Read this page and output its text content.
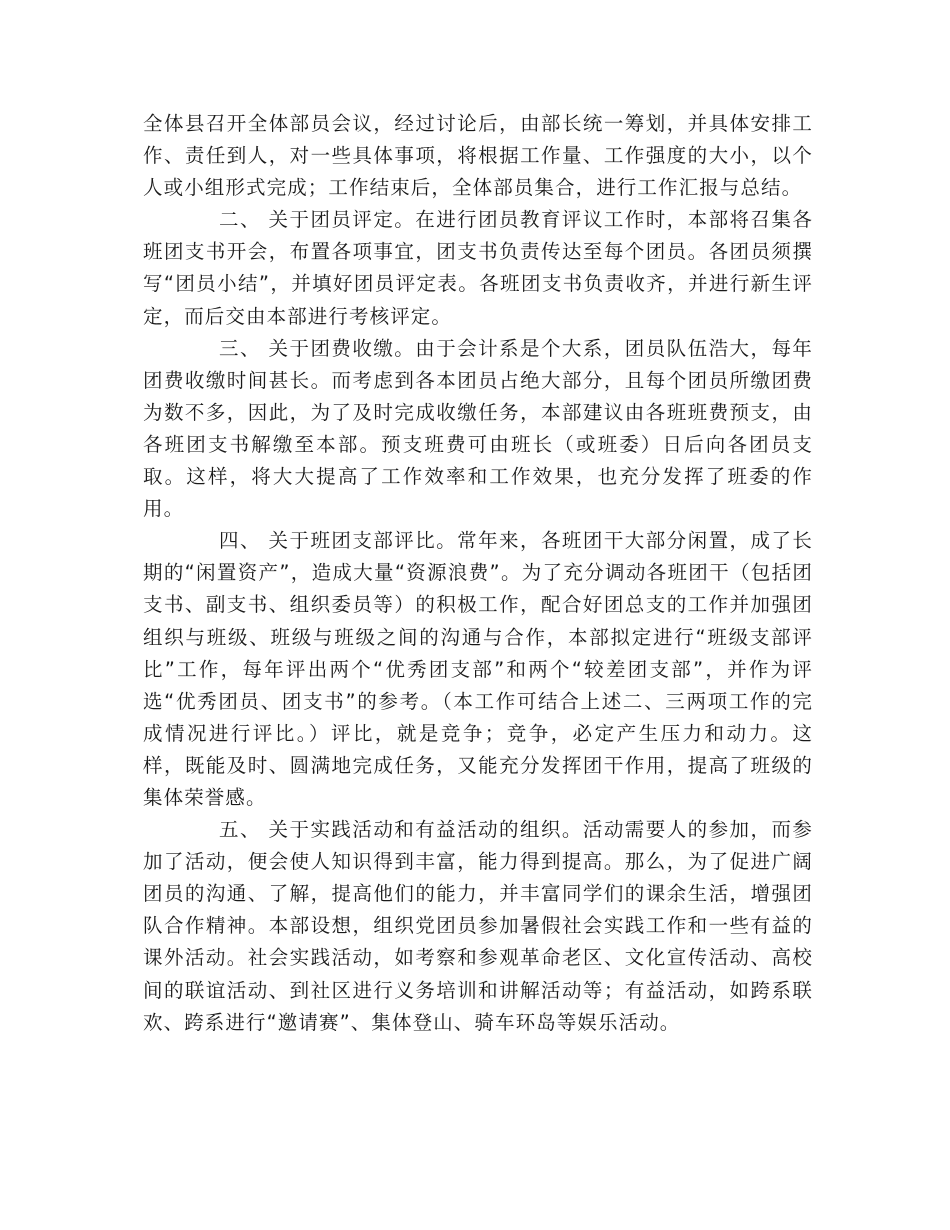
全体县召开全体部员会议，经过讨论后，由部长统一筹划，并具体安排工作、责任到人，对一些具体事项，将根据工作量、工作强度的大小，以个人或小组形式完成；工作结束后，全体部员集合，进行工作汇报与总结。

二、 关于团员评定。在进行团员教育评议工作时，本部将召集各班团支书开会，布置各项事宜，团支书负责传达至每个团员。各团员须撰写“团员小结”，并填好团员评定表。各班团支书负责收齐，并进行新生评定，而后交由本部进行考核评定。

三、 关于团费收缴。由于会计系是个大系，团员队伍浩大，每年团费收缴时间甚长。而考虑到各本团员占绝大部分，且每个团员所缴团费为数不多，因此，为了及时完成收缴任务，本部建议由各班班费预支，由各班团支书解缴至本部。预支班费可由班长（或班委）日后向各团员支取。这样，将大大提高了工作效率和工作效果，也充分发挥了班委的作用。

四、 关于班团支部评比。常年来，各班团干大部分闲置，成了长期的“闲置资产”，造成大量“资源浪费”。为了充分调动各班团干（包括团支书、副支书、组织委员等）的积极工作，配合好团总支的工作并加强团组织与班级、班级与班级之间的沟通与合作，本部拟定进行“班级支部评比”工作，每年评出两个“优秀团支部”和两个“较差团支部”，并作为评选“优秀团员、团支书”的参考。（本工作可结合上述二、三两项工作的完成情况进行评比。）评比，就是竞争；竞争，必定产生压力和动力。这样，既能及时、圆满地完成任务，又能充分发挥团干作用，提高了班级的集体荣誉感。

五、 关于实践活动和有益活动的组织。活动需要人的参加，而参加了活动，便会使人知识得到丰富，能力得到提高。那么，为了促进广阔团员的沟通、了解，提高他们的能力，并丰富同学们的课余生活，增强团队合作精神。本部设想，组织党团员参加暑假社会实践工作和一些有益的课外活动。社会实践活动，如考察和参观革命老区、文化宣传活动、高校间的联谊活动、到社区进行义务培训和讲解活动等；有益活动，如跨系联欢、跨系进行“邀请赛”、集体登山、骑车环岛等娱乐活动。
